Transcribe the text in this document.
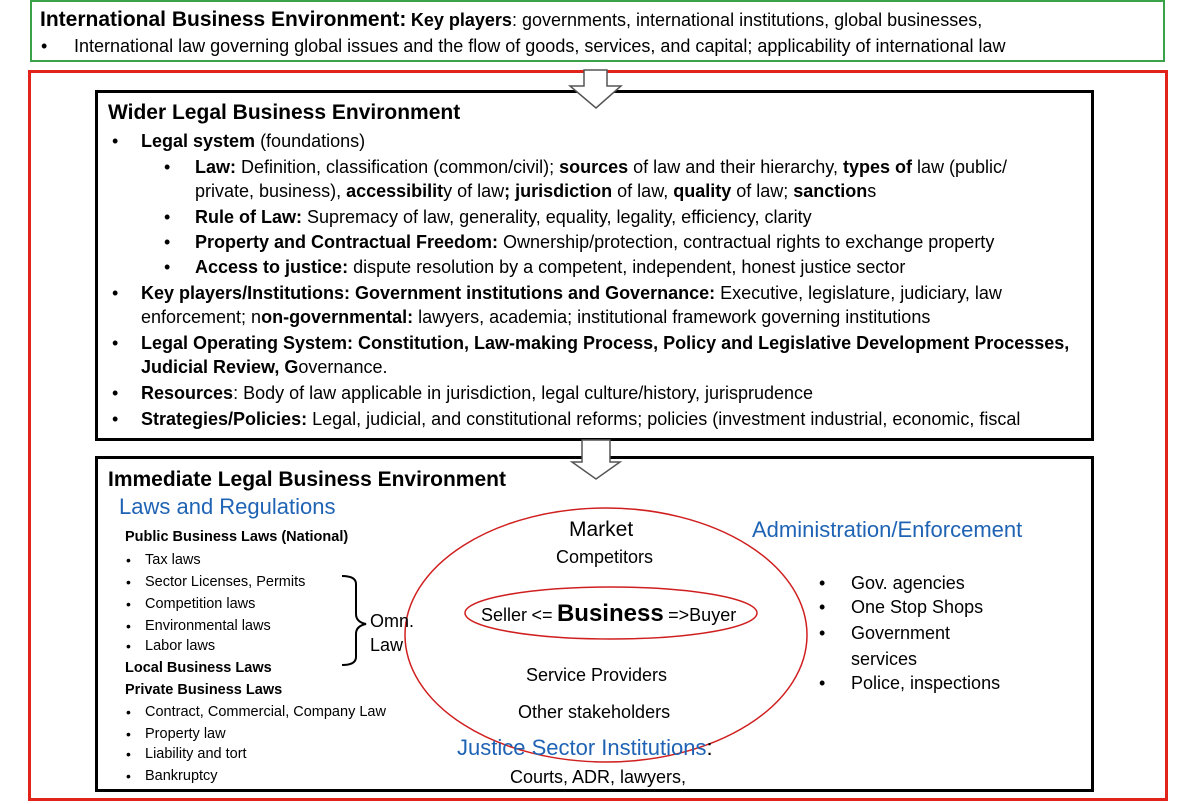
International Business Environment: Key players: governments, international institutions, global businesses,
• International law governing global issues and the flow of goods, services, and capital; applicability of international law
Wider Legal Business Environment
• Legal system (foundations)
• Law: Definition, classification (common/civil); sources of law and their hierarchy, types of law (public/
private, business), accessibility of law; jurisdiction of law, quality of law; sanctions
• Rule of Law: Supremacy of law, generality, equality, legality, efficiency, clarity
• Property and Contractual Freedom: Ownership/protection, contractual rights to exchange property
• Access to justice: dispute resolution by a competent, independent, honest justice sector
• Key players/Institutions: Government institutions and Governance: Executive, legislature, judiciary, law
enforcement; non-governmental: lawyers, academia; institutional framework governing institutions
• Legal Operating System: Constitution, Law-making Process, Policy and Legislative Development Processes,
Judicial Review, Governance.
• Resources: Body of law applicable in jurisdiction, legal culture/history, jurisprudence
• Strategies/Policies: Legal, judicial, and constitutional reforms; policies (investment industrial, economic, fiscal
Immediate Legal Business Environment
Laws and Regulations
Public Business Laws (National)
• Tax laws
• Sector Licenses, Permits
• Competition laws
• Environmental laws
• Labor laws
Local Business Laws
Private Business Laws
• Contract, Commercial, Company Law
• Property law
• Liability and tort
• Bankruptcy
Omn.
Law
Market
Competitors
Seller <= Business =>Buyer
Service Providers
Other stakeholders
Administration/Enforcement
• Gov. agencies
• One Stop Shops
• Government
services
• Police, inspections
Justice Sector Institutions:
Courts, ADR, lawyers,
